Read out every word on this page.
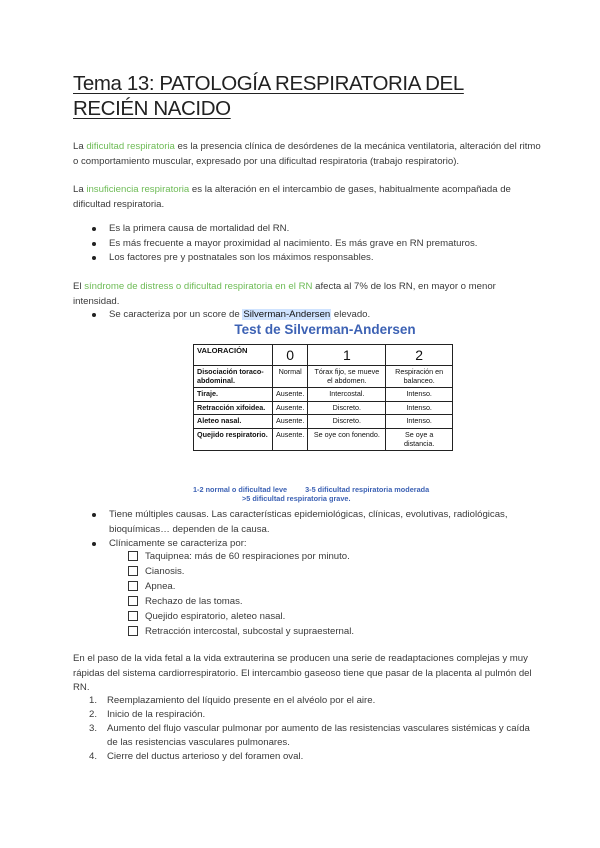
Tema 13: PATOLOGÍA RESPIRATORIA DEL RECIÉN NACIDO
La dificultad respiratoria es la presencia clínica de desórdenes de la mecánica ventilatoria, alteración del ritmo o comportamiento muscular, expresado por una dificultad respiratoria (trabajo respiratorio).
La insuficiencia respiratoria es la alteración en el intercambio de gases, habitualmente acompañada de dificultad respiratoria.
Es la primera causa de mortalidad del RN.
Es más frecuente a mayor proximidad al nacimiento. Es más grave en RN prematuros.
Los factores pre y postnatales son los máximos responsables.
El síndrome de distress o dificultad respiratoria en el RN afecta al 7% de los RN, en mayor o menor intensidad.
Se caracteriza por un score de Silverman-Andersen elevado.
Test de Silverman-Andersen
VALORACIÓN	0	1	2
Disociación toraco-abdominal.	Normal	Tórax fijo, se mueve el abdomen.	Respiración en balanceo.
Tiraje.	Ausente.	Intercostal.	Intenso.
Retracción xifoidea.	Ausente.	Discreto.	Intenso.
Aleteo nasal.	Ausente.	Discreto.	Intenso.
Quejido respiratorio.	Ausente.	Se oye con fonendo.	Se oye a distancia.
1-2 normal o dificultad leve 3-5 dificultad respiratoria moderada
>5 dificultad respiratoria grave.
Tiene múltiples causas. Las características epidemiológicas, clínicas, evolutivas, radiológicas, bioquímicas… dependen de la causa.
Clínicamente se caracteriza por:
Taquipnea: más de 60 respiraciones por minuto.
Cianosis.
Apnea.
Rechazo de las tomas.
Quejido espiratorio, aleteo nasal.
Retracción intercostal, subcostal y supraesternal.
En el paso de la vida fetal a la vida extrauterina se producen una serie de readaptaciones complejas y muy rápidas del sistema cardiorrespiratorio. El intercambio gaseoso tiene que pasar de la placenta al pulmón del RN.
1. Reemplazamiento del líquido presente en el alvéolo por el aire.
2. Inicio de la respiración.
3. Aumento del flujo vascular pulmonar por aumento de las resistencias vasculares sistémicas y caída de las resistencias vasculares pulmonares.
4. Cierre del ductus arterioso y del foramen oval.
